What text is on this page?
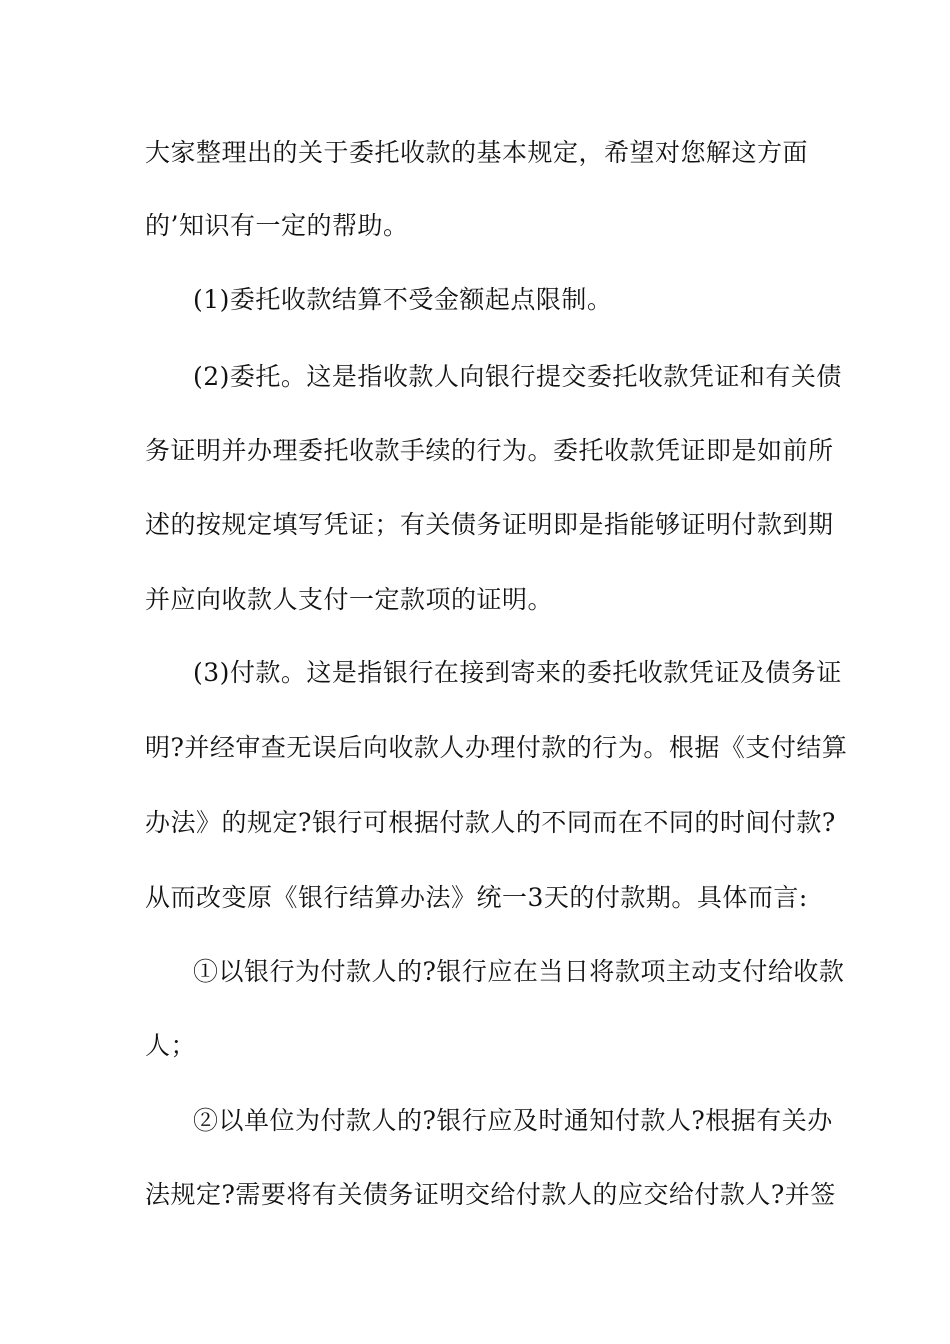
大家整理出的关于委托收款的基本规定，希望对您解这方面
的’知识有一定的帮助。
(1)委托收款结算不受金额起点限制。
(2)委托。这是指收款人向银行提交委托收款凭证和有关债
务证明并办理委托收款手续的行为。委托收款凭证即是如前所
述的按规定填写凭证；有关债务证明即是指能够证明付款到期
并应向收款人支付一定款项的证明。
(3)付款。这是指银行在接到寄来的委托收款凭证及债务证
明?并经审查无误后向收款人办理付款的行为。根据《支付结算
办法》的规定?银行可根据付款人的不同而在不同的时间付款?
从而改变原《银行结算办法》统一3天的付款期。具体而言:
①以银行为付款人的?银行应在当日将款项主动支付给收款
人；
②以单位为付款人的?银行应及时通知付款人?根据有关办
法规定?需要将有关债务证明交给付款人的应交给付款人?并签
